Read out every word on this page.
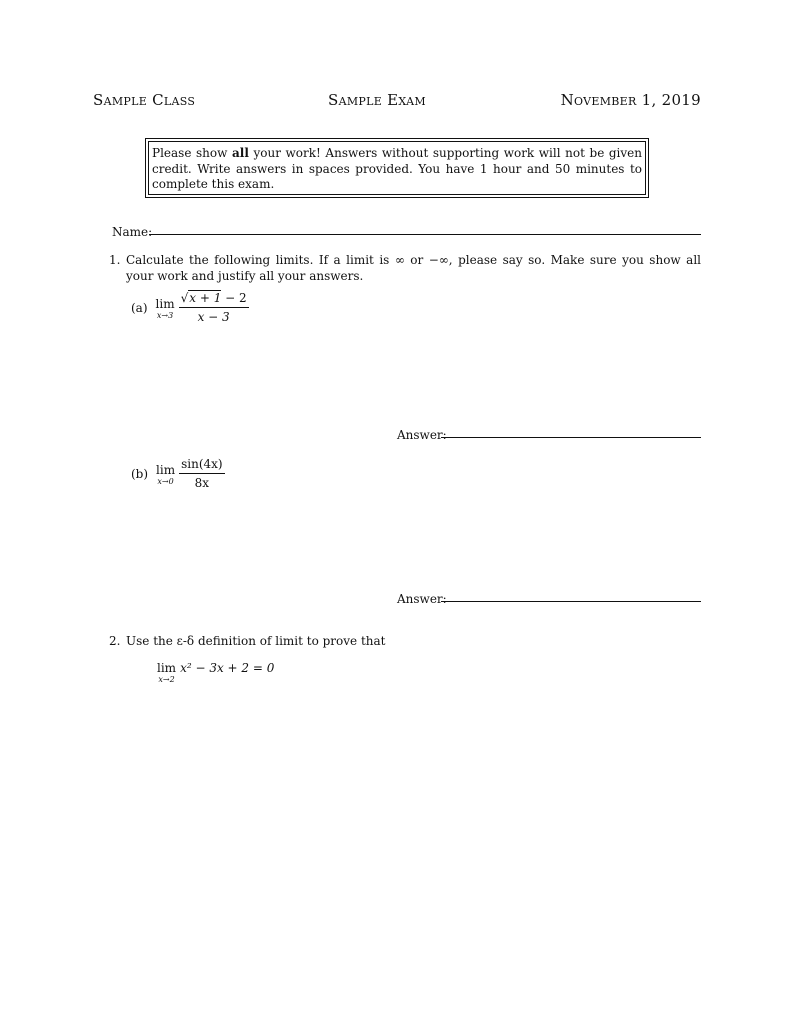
Sample Class	Sample Exam	November 1, 2019
Please show all your work! Answers without supporting work will not be given credit. Write answers in spaces provided. You have 1 hour and 50 minutes to complete this exam.
Name:
1. Calculate the following limits. If a limit is ∞ or −∞, please say so. Make sure you show all your work and justify all your answers.
(a) lim
$x\to 3 \frac{√x + 1 - 2}{x - 3}$
Answer:
(b) lim
$x\to 0 \frac{\sin(4x)}{8x}$
Answer:
2. Use the ε-δ definition of limit to prove that
lim
x→2
x² − 3x + 2 = 0
